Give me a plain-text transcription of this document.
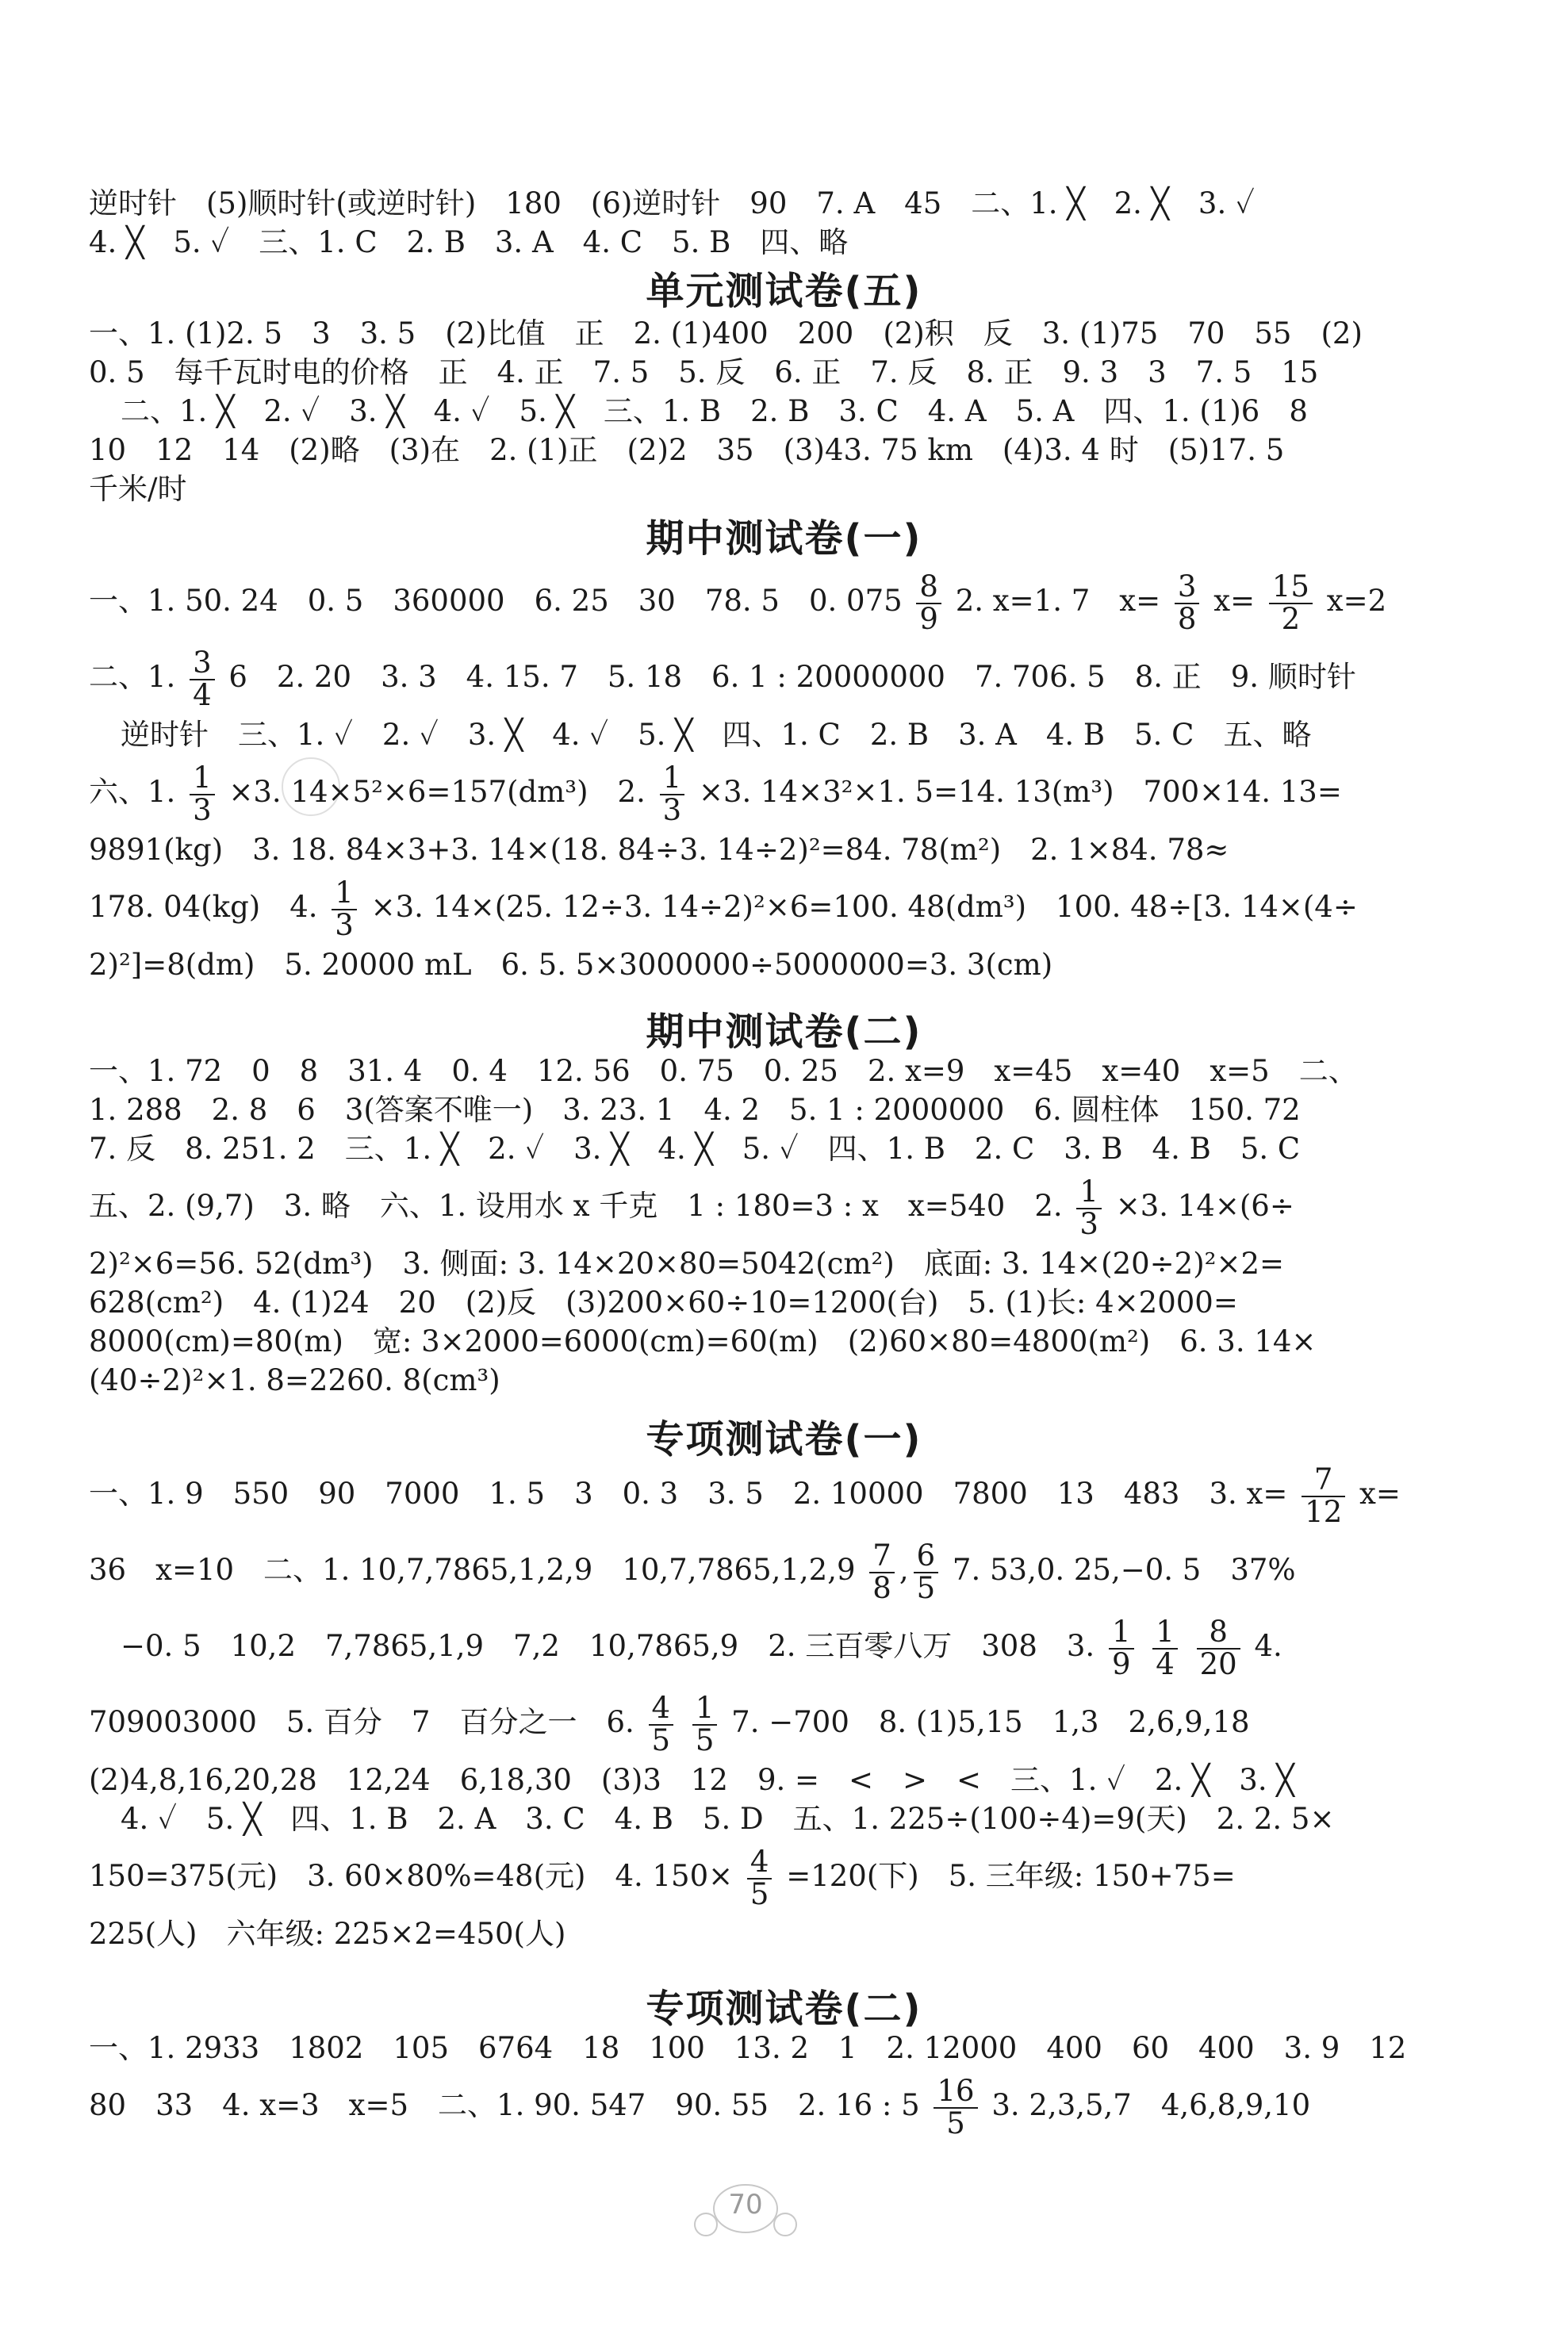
逆时针　(5)顺时针(或逆时针)　180　(6)逆时针　90　7. A　45　二、1. ╳　2. ╳　3. ✓
4. ╳　5. ✓　三、1. C　2. B　3. A　4. C　5. B　四、略
单元测试卷(五)
一、1. (1)2. 5　3　3. 5　(2)比值　正　2. (1)400　200　(2)积　反　3. (1)75　70　55　(2)
0. 5　每千瓦时电的价格　正　4. 正　7. 5　5. 反　6. 正　7. 反　8. 正　9. 3　3　7. 5　15
二、1. ╳　2. ✓　3. ╳　4. ✓　5. ╳　三、1. B　2. B　3. C　4. A　5. A　四、1. (1)6　8
10　12　14　(2)略　(3)在　2. (1)正　(2)2　35　(3)43. 75 km　(4)3. 4 时　(5)17. 5
千米/时
期中测试卷(一)
一、1. 50. 24　0. 5　360000　6. 25　30　78. 5　0. $075 \frac{8}{9} 2$. x=1. 7　$x= \frac{3}{8} x= \frac{15}{2} x=2$
二、1. $\frac{3}{4} 6$　2. 20　3. 3　4. 15. 7　5. 18　6. 1 : 20000000　7. 706. 5　8. 正　9. 顺时针
逆时针　三、1. ✓　2. ✓　3. ╳　4. ✓　5. ╳　四、1. C　2. B　3. A　4. B　5. C　五、略
六、1. $\frac{1}{3} \times 3$. 14×5²×6=157(dm³)　2. $\frac{1}{3} \times 3$. 14×3²×1. 5=14. 13(m³)　700×14. 13=
9891(kg)　3. 18. 84×3+3. 14×(18. 84÷3. 14÷2)²=84. 78(m²)　2. 1×84. 78≈
178. 04(kg)　4. $\frac{1}{3} \times 3$. 14×(25. 12÷3. 14÷2)²×6=100. 48(dm³)　100. 48÷[3. 14×(4÷
2)²]=8(dm)　5. 20000 mL　6. 5. 5×3000000÷5000000=3. 3(cm)
期中测试卷(二)
一、1. 72　0　8　31. 4　0. 4　12. 56　0. 75　0. 25　2. x=9　x=45　x=40　x=5　二、
1. 288　2. 8　6　3(答案不唯一)　3. 23. 1　4. 2　5. 1 : 2000000　6. 圆柱体　150. 72
7. 反　8. 251. 2　三、1. ╳　2. ✓　3. ╳　4. ╳　5. ✓　四、1. B　2. C　3. B　4. B　5. C
五、2. (9,7)　3. 略　六、1. 设用水 x 千克　1 : 180=3 : x　x=540　2. $\frac{1}{3} \times 3$. 14×(6÷
2)²×6=56. 52(dm³)　3. 侧面: 3. 14×20×80=5042(cm²)　底面: 3. 14×(20÷2)²×2=
628(cm²)　4. (1)24　20　(2)反　(3)200×60÷10=1200(台)　5. (1)长: 4×2000=
8000(cm)=80(m)　宽: 3×2000=6000(cm)=60(m)　(2)60×80=4800(m²)　6. 3. 14×
(40÷2)²×1. 8=2260. 8(cm³)
专项测试卷(一)
一、1. 9　550　90　7000　1. 5　3　0. 3　3. 5　2. 10000　7800　13　483　3. $x= \frac{7}{12} x=$
36　x=10　二、1. 10,7,7865,1,2,9　$10,7,7865,1,2,9 \frac{7}{8}$ , $\frac{6}{5} 7$. 53,0. 25,−0. 5　37%
−0. 5　10,2　7,7865,1,9　7,2　10,7865,9　2. 三百零八万　308　3. $\frac{1}{9}$
$\frac{1}{4}$
$\frac{8}{20} 4$.
709003000　5. 百分　7　百分之一　6. $\frac{4}{5}$
$\frac{1}{5} 7$. −700　8. (1)5,15　1,3　2,6,9,18
(2)4,8,16,20,28　12,24　6,18,30　(3)3　12　9. =　<　>　<　三、1. ✓　2. ╳　3. ╳
4. ✓　5. ╳　四、1. B　2. A　3. C　4. B　5. D　五、1. 225÷(100÷4)=9(天)　2. 2. 5×
150=375(元)　3. 60×80%=48(元)　4. $150\times \frac{4}{5} =120$(下)　5. 三年级: 150+75=
225(人)　六年级: 225×2=450(人)
专项测试卷(二)
一、1. 2933　1802　105　6764　18　100　13. 2　1　2. 12000　400　60　400　3. 9　12
80　33　4. x=3　x=5　二、1. 90. 547　90. 55　2. 16 : $5 \frac{16}{5} 3$. 2,3,5,7　4,6,8,9,10
70
